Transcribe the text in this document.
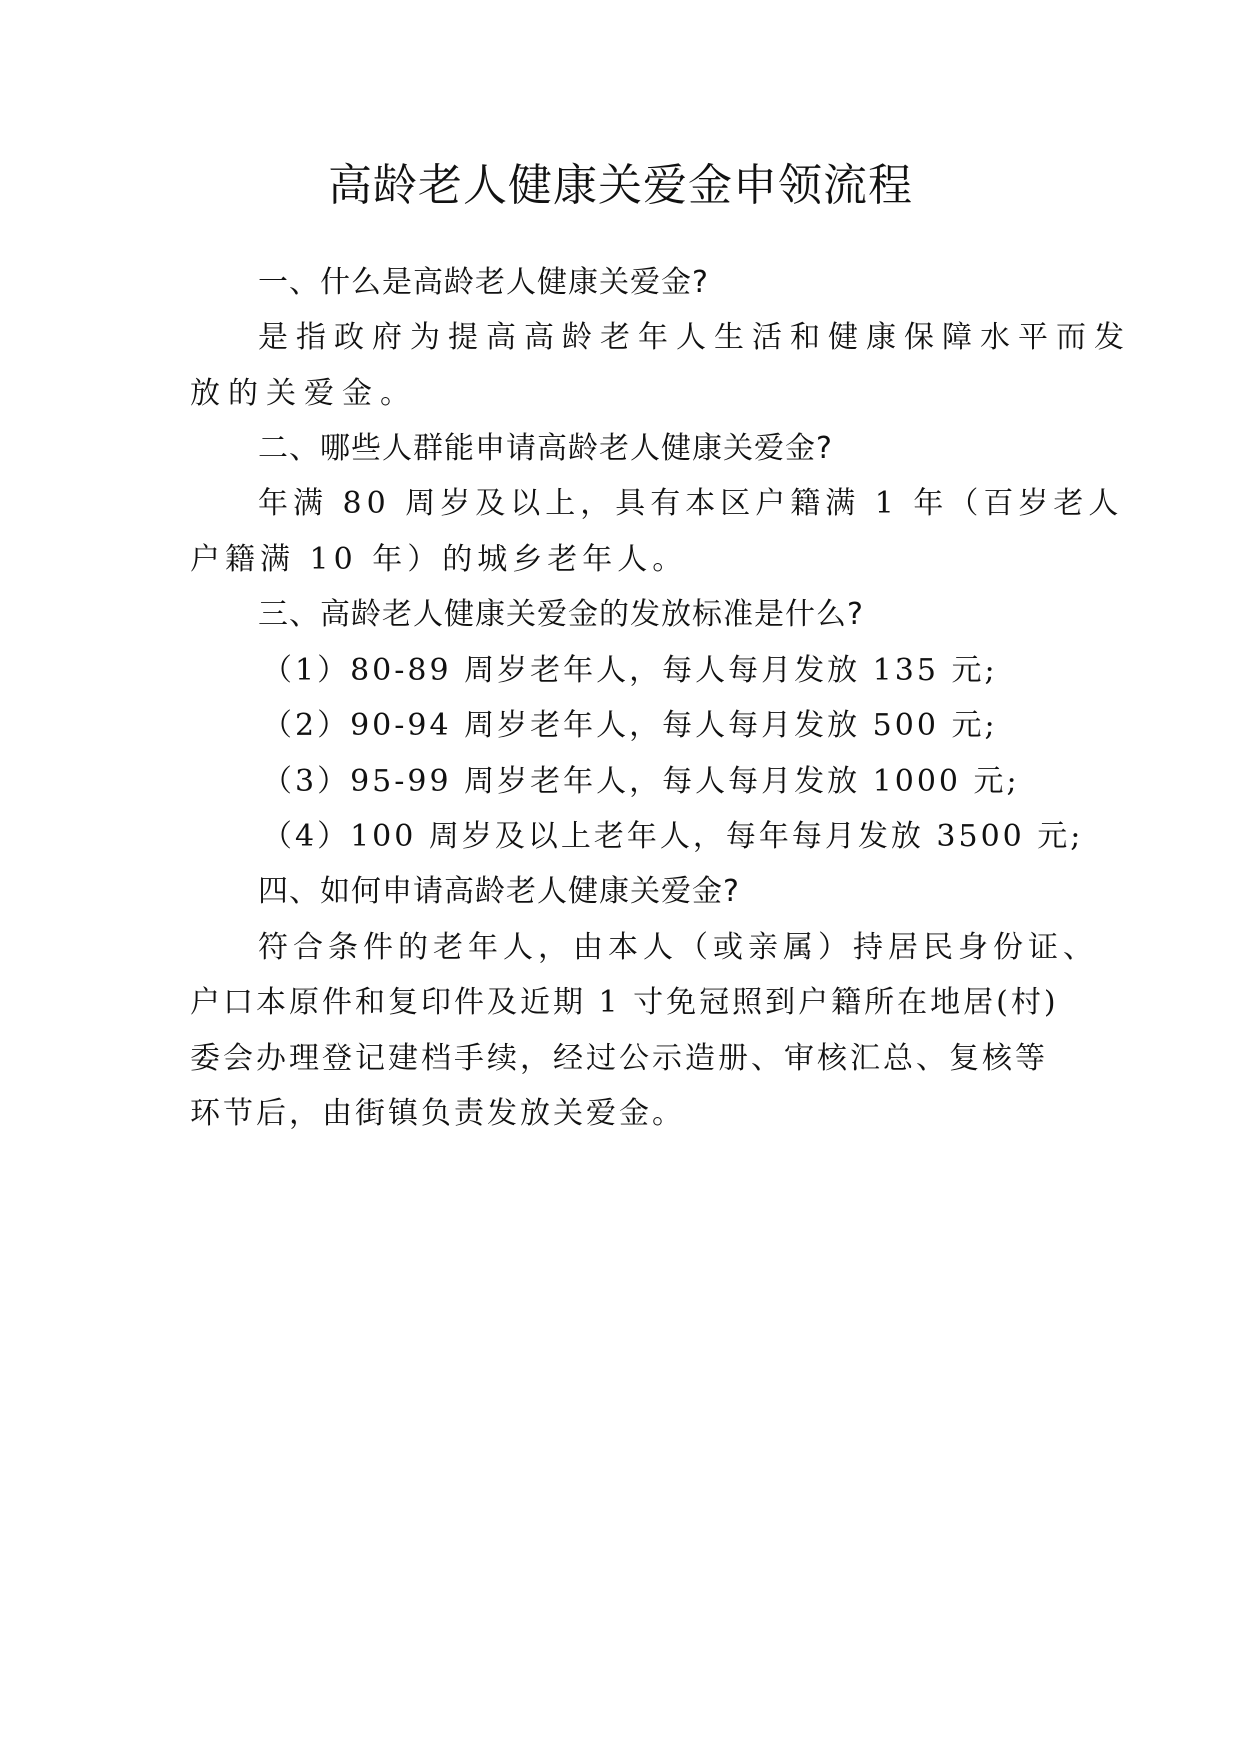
高龄老人健康关爱金申领流程
一、什么是高龄老人健康关爱金?
是指政府为提高高龄老年人生活和健康保障水平而发
放的关爱金。
二、哪些人群能申请高龄老人健康关爱金?
年满 80 周岁及以上，具有本区户籍满 1 年（百岁老人
户籍满 10 年）的城乡老年人。
三、高龄老人健康关爱金的发放标准是什么?
（1）80-89 周岁老年人，每人每月发放 135 元;
（2）90-94 周岁老年人，每人每月发放 500 元;
（3）95-99 周岁老年人，每人每月发放 1000 元;
（4）100 周岁及以上老年人，每年每月发放 3500 元;
四、如何申请高龄老人健康关爱金?
符合条件的老年人，由本人（或亲属）持居民身份证、
户口本原件和复印件及近期 1 寸免冠照到户籍所在地居(村)
委会办理登记建档手续，经过公示造册、审核汇总、复核等
环节后，由街镇负责发放关爱金。
